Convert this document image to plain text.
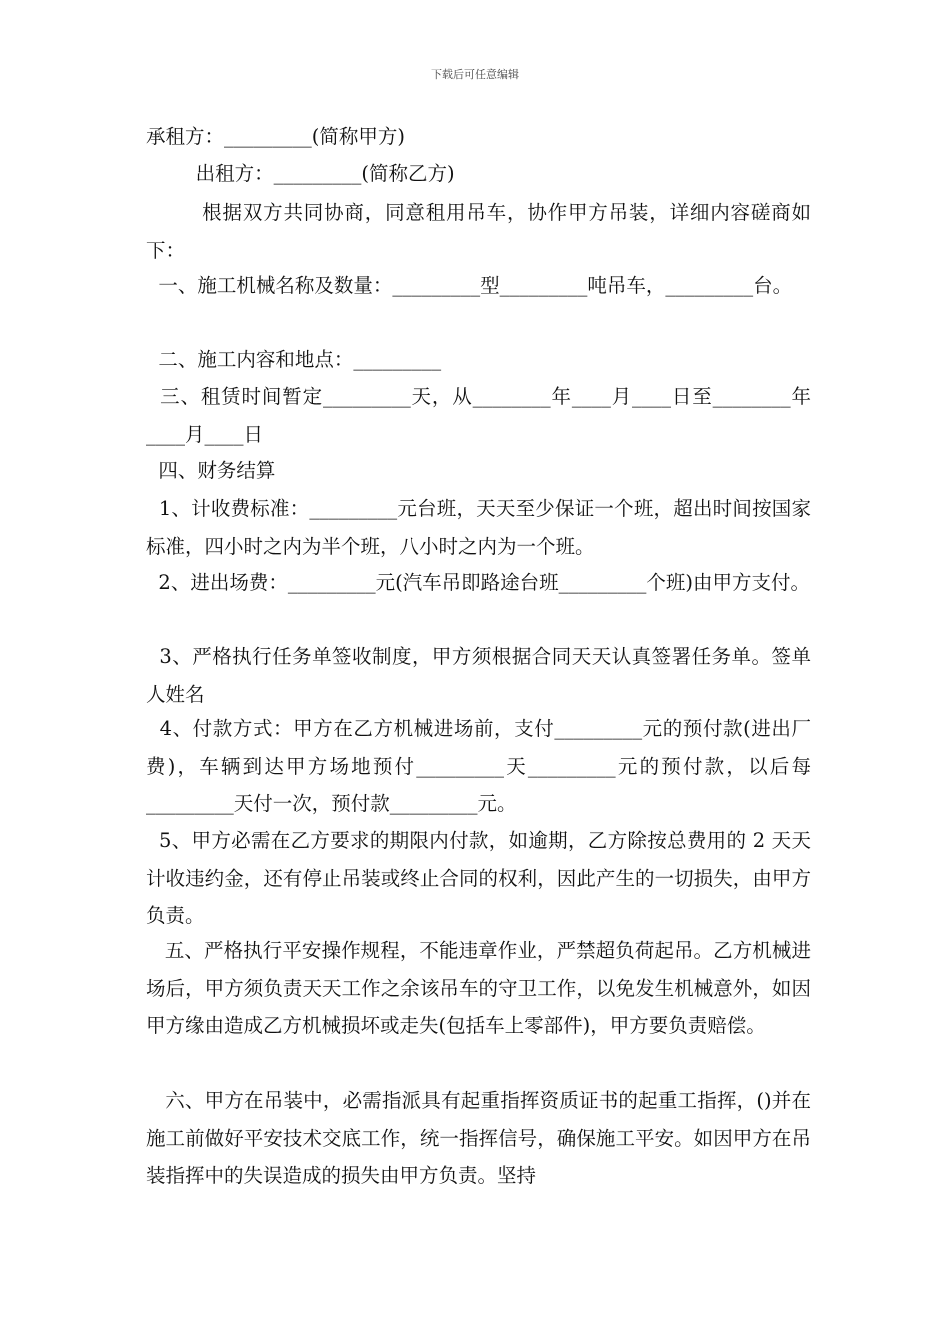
下载后可任意编辑

承租方：_________(简称甲方)

出租方：_________(简称乙方)

根据双方共同协商，同意租用吊车，协作甲方吊装，详细内容磋商如下：

一、施工机械名称及数量：_________型_________吨吊车，_________台。

二、施工内容和地点：_________

三、租赁时间暂定_________天，从________年____月____日至________年____月____日

四、财务结算

1、计收费标准：_________元台班，天天至少保证一个班，超出时间按国家标准，四小时之内为半个班，八小时之内为一个班。

2、进出场费：_________元(汽车吊即路途台班_________个班)由甲方支付。

3、严格执行任务单签收制度，甲方须根据合同天天认真签署任务单。签单人姓名

4、付款方式：甲方在乙方机械进场前，支付_________元的预付款(进出厂费)，车辆到达甲方场地预付_________天_________元的预付款，以后每_________天付一次，预付款_________元。

5、甲方必需在乙方要求的期限内付款，如逾期，乙方除按总费用的 2 天天计收违约金，还有停止吊装或终止合同的权利，因此产生的一切损失，由甲方负责。

五、严格执行平安操作规程，不能违章作业，严禁超负荷起吊。乙方机械进场后，甲方须负责天天工作之余该吊车的守卫工作，以免发生机械意外，如因甲方缘由造成乙方机械损坏或走失(包括车上零部件)，甲方要负责赔偿。

六、甲方在吊装中，必需指派具有起重指挥资质证书的起重工指挥，()并在施工前做好平安技术交底工作，统一指挥信号，确保施工平安。如因甲方在吊装指挥中的失误造成的损失由甲方负责。坚持
